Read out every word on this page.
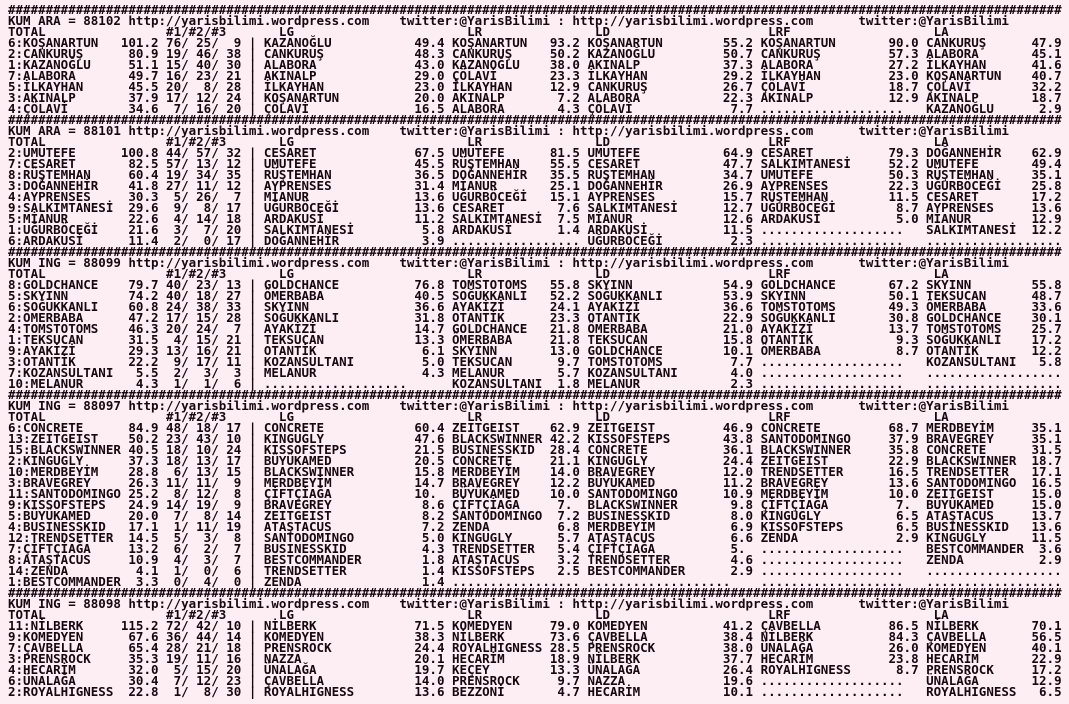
############################################################################################################################################
KUM ARA = 88102 http://yarisbilimi.wordpress.com    twitter:@YarisBilimi : http://yarisbilimi.wordpress.com      twitter:@YarisBilimi
TOTAL                #1/#2/#3       LG                       LR               LD                     LRF                   LA
6:KOŞANARTUN   101.2 76/ 25/  9 | KAZANOĞLU           49.4 KOŞANARTUN   93.2 KOŞANARTUN        55.2 KOŞANARTUN       90.0 CANKURUŞ      47.9
2:CANKURUŞ      80.9 19/ 46/ 38 | CANKURUŞ            48.3 CANKURUŞ     50.2 KAZANOĞLU         50.7 CANKURUŞ         57.3 ALABORA       45.1
1:KAZANOĞLU     51.1 15/ 40/ 30 | ALABORA             43.0 KAZANOĞLU    38.0 AKINALP           37.3 ALABORA          27.2 İLKAYHAN      41.6
7:ALABORA       49.7 16/ 23/ 21 | AKINALP             29.0 ÇÖLAVİ       23.3 İLKAYHAN          29.2 İLKAYHAN         23.0 KOŞANARTUN    40.7
5:İLKAYHAN      45.5 20/  8/ 28 | İLKAYHAN            23.0 İLKAYHAN     12.9 CANKURUŞ          26.7 ÇÖLAVİ           18.7 ÇÖLAVİ        32.2
3:AKINALP       37.9 17/ 12/ 24 | KOŞANARTUN          20.0 AKINALP       7.2 ALABORA           22.3 AKINALP          12.9 AKINALP       18.7
4:ÇÖLAVİ        34.6  7/ 16/ 20 | ÇÖLAVİ              16.5 ALABORA       4.3 ÇÖLAVİ             7.7 ...................   KAZANOĞLU      2.9
############################################################################################################################################
KUM ARA = 88101 http://yarisbilimi.wordpress.com    twitter:@YarisBilimi : http://yarisbilimi.wordpress.com      twitter:@YarisBilimi
TOTAL                #1/#2/#3       LG                       LR               LD                     LRF                   LA
2:UMUTEFE      100.8 44/ 57/ 32 | CESARET             67.5 UMUTEFE      81.5 UMUTEFE           64.9 CESARET          79.3 DOĞANNEHİR    62.9
7:CESARET       82.5 57/ 13/ 12 | UMUTEFE             45.5 RÜŞTEMHAN    55.5 CESARET           47.7 SALKIMTANESİ     52.2 UMUTEFE       49.4
8:RÜŞTEMHAN     60.4 19/ 34/ 35 | RÜŞTEMHAN           36.5 DOĞANNEHİR   35.5 RÜŞTEMHAN         34.7 UMUTEFE          50.3 RÜŞTEMHAN     35.1
3:DOĞANNEHİR    41.8 27/ 11/ 12 | AYPRENSES           31.4 MİANUR       25.1 DOĞANNEHİR        26.9 AYPRENSES        22.3 UĞURBÖCEĞİ    25.8
4:AYPRENSES     30.3  5/ 26/  7 | MİANUR              13.6 UĞURBÖCEĞİ   15.1 AYPRENSES         15.7 RÜŞTEMHAN        11.5 CESARET       17.2
9:SALKIMTANESİ  29.6  9/  8/ 17 | UĞURBÖCEĞİ          13.6 CESARET       7.6 SALKIMTANESİ      12.7 UĞURBÖCEĞİ        8.7 AYPRENSES     13.6
5:MİANUR        22.6  4/ 14/ 18 | ARDAKUSİ            11.2 SALKIMTANESİ  7.5 MİANUR            12.6 ARDAKUSİ          5.0 MİANUR        12.9
1:UĞURBÖCEĞİ    21.6  3/  7/ 20 | SALKIMTANESİ         5.8 ARDAKUSİ      1.4 ARDAKUSİ          11.5 ...................   SALKIMTANESİ  12.2
6:ARDAKUSİ      11.4  2/  0/ 17 | DOĞANNEHİR           3.9 ................. UĞURBÖCEĞİ         2.3 ...................   ..................
############################################################################################################################################
KUM ING = 88099 http://yarisbilimi.wordpress.com    twitter:@YarisBilimi : http://yarisbilimi.wordpress.com      twitter:@YarisBilimi
TOTAL                #1/#2/#3       LG                       LR               LD                     LRF                   LA
8:GOLDCHANCE    79.7 40/ 23/ 13 | GOLDCHANCE          76.8 TOMSTOTOMS   55.8 SKYINN            54.9 GOLDCHANCE       67.2 SKYINN        55.8
5:SKYINN        74.2 40/ 18/ 27 | ÖMERBABA            40.5 SOĞUKKANLI   52.2 SOĞUKKANLI        53.9 SKYINN           50.1 TEKSUCAN      48.7
6:SOĞUKKANLI    60.8 24/ 38/ 33 | SKYINN              36.6 AYAKİZİ      24.1 AYAKİZİ           36.6 TOMSTOTOMS       49.3 ÖMERBABA      33.6
2:ÖMERBABA      47.2 17/ 15/ 28 | SOĞUKKANLI          31.8 OTANTİK      23.3 OTANTİK           22.9 SOĞUKKANLI       30.8 GOLDCHANCE    30.1
4:TOMSTOTOMS    46.3 20/ 24/  7 | AYAKİZİ             14.7 GOLDCHANCE   21.8 ÖMERBABA          21.0 AYAKİZİ          13.7 TOMSTOTOMS    25.7
1:TEKSUCAN      31.5  4/ 15/ 21 | TEKSUCAN            13.3 ÖMERBABA     21.8 TEKSUCAN          15.8 OTANTİK           9.3 SOĞUKKANLI    17.2
9:AYAKİZİ       29.3 13/ 16/ 21 | OTANTİK              6.1 SKYINN       13.0 GOLDCHANCE        10.1 ÖMERBABA          8.7 OTANTİK       12.2
3:OTANTİK       22.2  9/ 17/ 11 | KOZANSULTANI         5.0 TEKSUCAN      9.7 TOMSTOTOMS         7.7 ...................   KOZANSULTANI   5.8
7:KOZANSULTANI   5.5  2/  3/  3 | MELANUR              4.3 MELANUR       5.7 KOZANSULTANI       4.0 ...................   ..................
10:MELANUR       4.3  1/  1/  6 | ...................      KOZANSULTANI  1.8 MELANUR            2.3 ...................   ..................
############################################################################################################################################
KUM ING = 88097 http://yarisbilimi.wordpress.com    twitter:@YarisBilimi : http://yarisbilimi.wordpress.com      twitter:@YarisBilimi
TOTAL                #1/#2/#3       LG                       LR               LD                     LRF                   LA
6:CONCRETE      84.9 48/ 18/ 17 | CONCRETE            60.4 ZEITGEIST    62.9 ZEITGEIST         46.9 CONCRETE         68.7 MERDBEYİM     35.1
13:ZEITGEIST    50.2 23/ 43/ 10 | KINGUGLY            47.6 BLACKSWINNER 42.2 KISSOFSTEPS       43.8 SANTODOMINGO     37.9 BRAVEGREY     35.1
15:BLACKSWINNER 40.5 18/ 10/ 24 | KISSOFSTEPS         21.5 BUSINESSKID  28.4 CONCRETE          36.1 BLACKSWINNER     35.8 CONCRETE      31.5
2:KINGUGLY      37.3 18/ 13/ 17 | BÜYÜKAMED           20.5 CONCRETE     21.1 KINGUGLY          24.4 ZEITGEIST        22.9 BLACKSWINNER  18.7
10:MERDBEYİM    28.8  6/ 13/ 15 | BLACKSWINNER        15.8 MERDBEYİM    14.0 BRAVEGREY         12.0 TRENDSETTER      16.5 TRENDSETTER   17.1
3:BRAVEGREY     26.3 11/ 11/  9 | MERDBEYİM           14.7 BRAVEGREY    12.2 BÜYÜKAMED         11.2 BRAVEGREY        13.6 SANTODOMINGO  16.5
11:SANTODOMINGO 25.2  8/ 12/  8 | ÇİFTÇİAĞA           10.  BÜYÜKAMED    10.0 SANTODOMINGO      10.9 MERDBEYİM        10.0 ZEITGEIST     15.0
9:KISSOFSTEPS   24.9 14/ 19/  9 | BRAVEGREY            8.6 ÇİFTÇİAĞA     7.  BLACKSWINNER       9.8 ÇİFTÇİAĞA         7.  BÜYÜKAMED     15.0
5:BÜYÜKAMED     20.0  7/  8/ 14 | ZEITGEIST            8.2 SANTODOMINGO  7.2 BUSINESSKID        8.0 KINGUGLY          6.5 ATAŞTACUS     13.7
4:BUSINESSKID   17.1  1/ 11/ 19 | ATAŞTACUS            7.2 ZENDA         6.8 MERDBEYİM          6.9 KISSOFSTEPS       6.5 BUSINESSKID   13.6
12:TRENDSETTER  14.5  5/  3/  8 | SANTODOMINGO         5.0 KINGUGLY      5.7 ATAŞTACUS          6.6 ZENDA             2.9 KINGUGLY      11.5
7:ÇİFTÇİAĞA     13.2  6/  2/  7 | BUSINESSKID          4.3 TRENDSETTER   5.4 ÇİFTÇİAĞA          5.  ...................   BESTCOMMANDER  3.6
8:ATAŞTACUS     10.9  4/  3/  7 | BESTCOMMANDER        1.8 ATAŞTACUS     3.2 TRENDSETTER        4.6 ...................   ZENDA          2.9
14:ZENDA         4.1  1/  0/  6 | TRENDSETTER          1.4 KISSOFSTEPS   2.5 BESTCOMMANDER      2.9 ...................   ..................
1:BESTCOMMANDER  3.3  0/  4/  0 | ZENDA                1.4 ................. ...................    ...................   ..................
############################################################################################################################################
KUM ING = 88098 http://yarisbilimi.wordpress.com    twitter:@YarisBilimi : http://yarisbilimi.wordpress.com      twitter:@YarisBilimi
TOTAL                #1/#2/#3       LG                       LR               LD                     LRF                   LA
11:NİLBERK     115.2 72/ 42/ 10 | NİLBERK             71.5 KOMEDYEN     79.0 KOMEDYEN          41.2 ÇAVBELLA         86.5 NİLBERK       70.1
9:KOMEDYEN      67.6 36/ 44/ 14 | KOMEDYEN            38.3 NİLBERK      73.6 ÇAVBELLA          38.4 NİLBERK          84.3 ÇAVBELLA      56.5
7:ÇAVBELLA      65.4 28/ 21/ 18 | PRENSROCK           24.4 ROYALHIGNESS 28.5 PRENSROCK         38.0 ÜNALAĞA          26.0 KOMEDYEN      40.1
3:PRENSROCK     35.3 19/ 11/ 16 | NAZZA               20.1 HECARİM      18.9 NİLBERK           37.7 HECARİM          23.8 HECARİM       22.9
4:HECARİM       32.0  5/ 15/ 20 | ÜNALAĞA             19.7 KEÇEY        13.3 ÜNALAĞA           26.4 ROYALHIGNESS      8.7 PRENSROCK     17.2
6:ÜNALAĞA       30.4  7/ 12/ 23 | ÇAVBELLA            14.0 PRENSROCK     9.7 NAZZA             19.6 ...................   ÜNALAĞA       12.9
2:ROYALHIGNESS  22.8  1/  8/ 30 | ROYALHIGNESS        13.6 BEZZONİ       4.7 HECARİM           10.1 ...................   ROYALHIGNESS   6.5
